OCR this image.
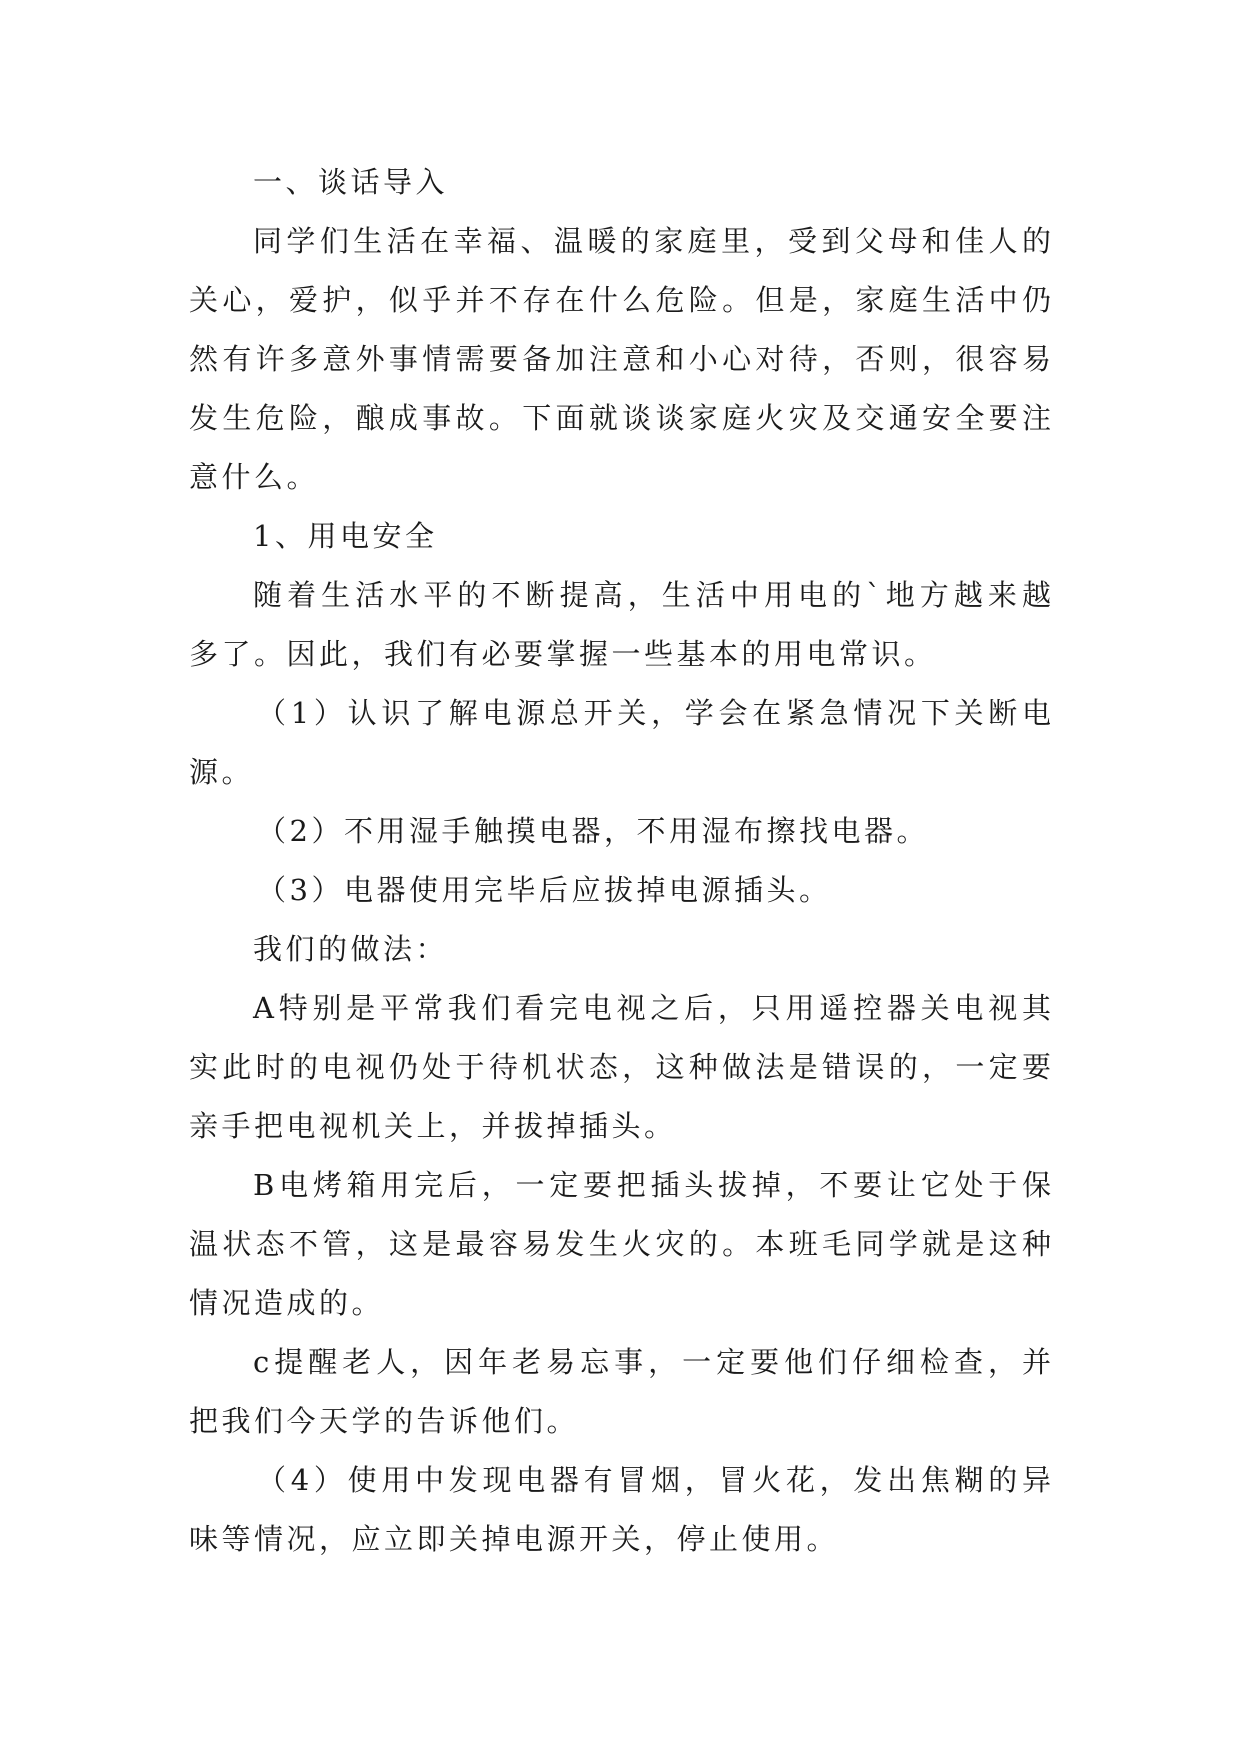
一、谈话导入
同学们生活在幸福、温暖的家庭里，受到父母和佳人的
关心，爱护，似乎并不存在什么危险。但是，家庭生活中仍
然有许多意外事情需要备加注意和小心对待，否则，很容易
发生危险，酿成事故。下面就谈谈家庭火灾及交通安全要注
意什么。
1、用电安全
随着生活水平的不断提高，生活中用电的`地方越来越
多了。因此，我们有必要掌握一些基本的用电常识。
（1）认识了解电源总开关，学会在紧急情况下关断电
源。
（2）不用湿手触摸电器，不用湿布擦找电器。
（3）电器使用完毕后应拔掉电源插头。
我们的做法：
A特别是平常我们看完电视之后，只用遥控器关电视其
实此时的电视仍处于待机状态，这种做法是错误的，一定要
亲手把电视机关上，并拔掉插头。
B电烤箱用完后，一定要把插头拔掉，不要让它处于保
温状态不管，这是最容易发生火灾的。本班毛同学就是这种
情况造成的。
c提醒老人，因年老易忘事，一定要他们仔细检查，并
把我们今天学的告诉他们。
（4）使用中发现电器有冒烟，冒火花，发出焦糊的异
味等情况，应立即关掉电源开关，停止使用。
